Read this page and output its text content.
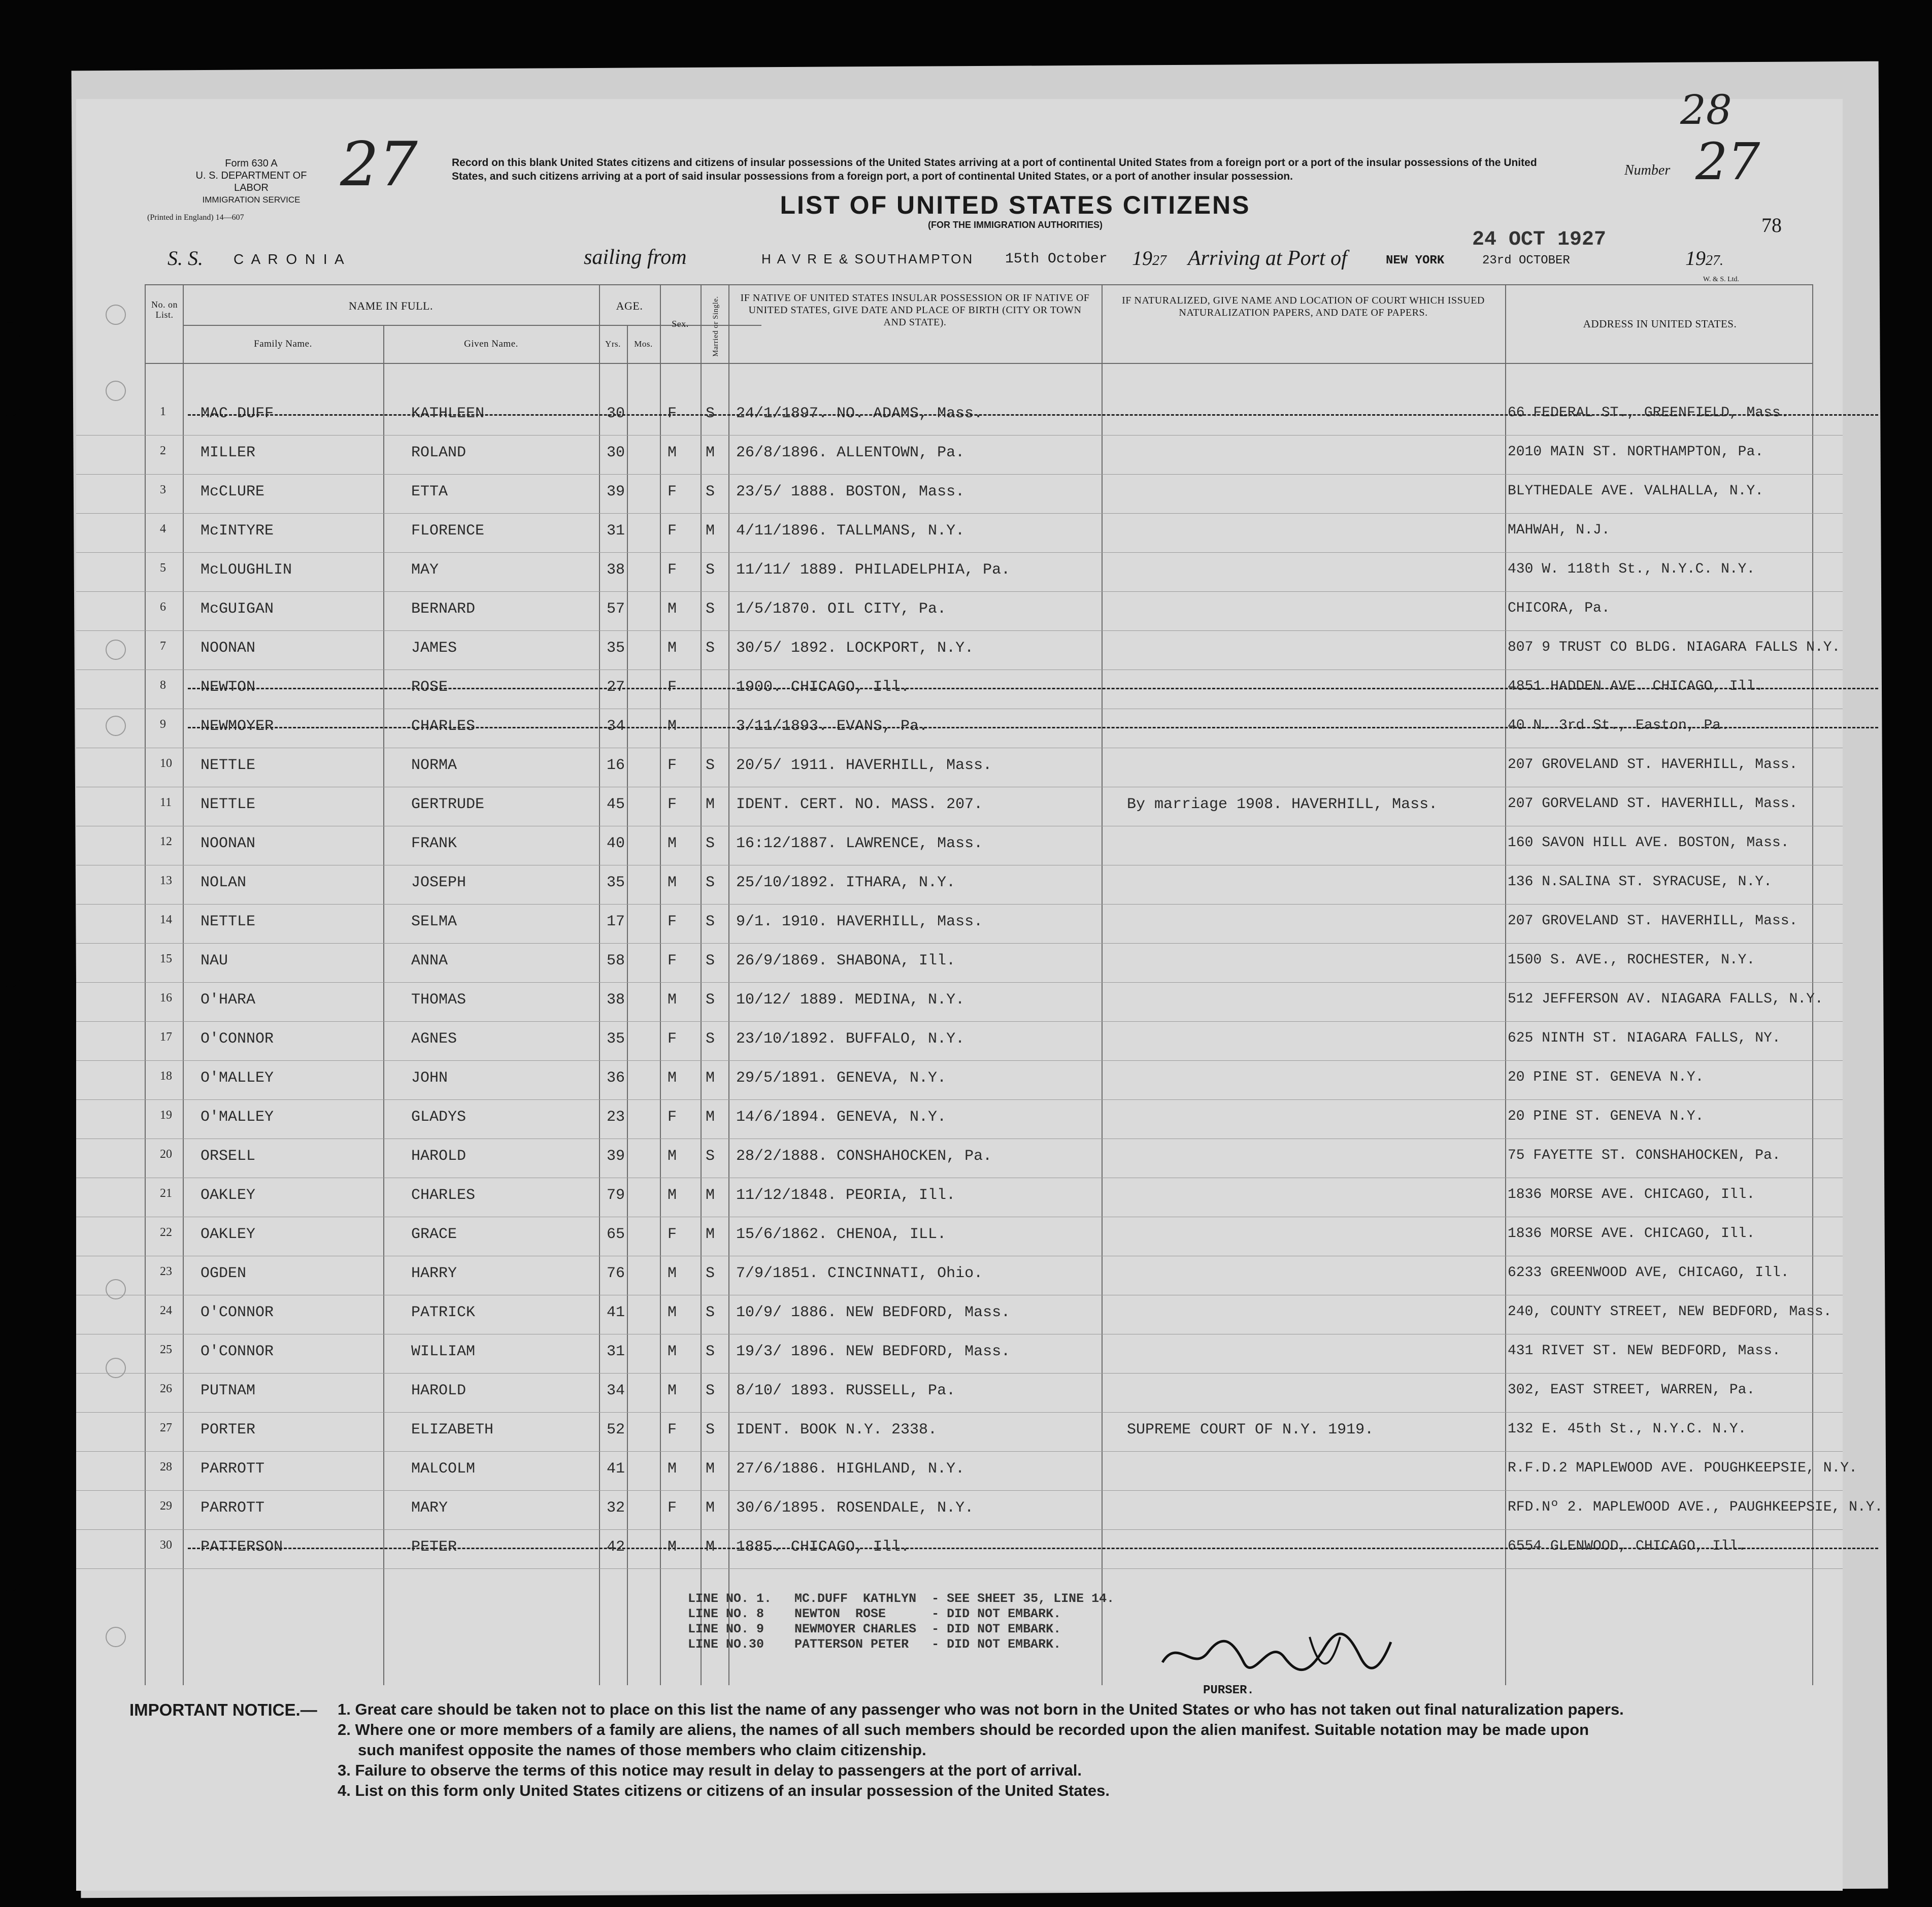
Form 630 A
U. S. DEPARTMENT OF LABOR
IMMIGRATION SERVICE 27
(Printed in England) 14—607
Record on this blank United States citizens and citizens of insular possessions of the United States arriving at a port of continental United States from a foreign port or a port of the insular possessions of the United States, and such citizens arriving at a port of said insular possessions from a foreign port, a port of continental United States, or a port of another insular possession.
LIST OF UNITED STATES CITIZENS
(FOR THE IMMIGRATION AUTHORITIES)
Number 27
28
24 OCT 1927
78
S. S. C A R O N I A	sailing from	H A V R E & SOUTHAMPTON 15th October 1927 Arriving at Port of	NEW YORK	23rd OCTOBER	1927.
W. & S. Ltd.
No. on List.
NAME IN FULL.
Family Name.	Given Name.
AGE.
Yrs.	Mos.
Sex.	Married or Single.	IF NATIVE OF UNITED STATES INSULAR POSSESSION OR IF NATIVE OF UNITED STATES, GIVE DATE AND PLACE OF BIRTH (CITY OR TOWN AND STATE).
IF NATURALIZED, GIVE NAME AND LOCATION OF COURT WHICH ISSUED NATURALIZATION PAPERS, AND DATE OF PAPERS.
ADDRESS IN UNITED STATES.
1 MAC DUFF	KATHLEEN	30	F S 24/1/1897. NO. ADAMS, Mass.	66 FEDERAL ST., GREENFIELD, Mass.
2 MILLER	ROLAND	30	M M 26/8/1896. ALLENTOWN, Pa.	2010 MAIN ST. NORTHAMPTON, Pa.
3 McCLURE	ETTA	39	F S 23/5/ 1888. BOSTON, Mass.	BLYTHEDALE AVE. VALHALLA, N.Y.
4 McINTYRE	FLORENCE	31	F M 4/11/1896. TALLMANS, N.Y.	MAHWAH, N.J.
5 McLOUGHLIN	MAY	38	F S 11/11/ 1889. PHILADELPHIA, Pa.	430 W. 118th St., N.Y.C. N.Y.
6 McGUIGAN	BERNARD	57	M S 1/5/1870. OIL CITY, Pa.	CHICORA, Pa.
7 NOONAN	JAMES	35	M S 30/5/ 1892. LOCKPORT, N.Y.	807 9 TRUST CO BLDG. NIAGARA FALLS N.Y.
8 NEWTON	ROSE	27	F	1900. CHICAGO, Ill.	4851 HADDEN AVE. CHICAGO, Ill.
9 NEWMOYER	CHARLES	34	M	3/11/1893. EVANS, Pa.	40 N. 3rd St., Easton, Pa.
10 NETTLE	NORMA	16	F S 20/5/ 1911. HAVERHILL, Mass.	207 GROVELAND ST. HAVERHILL, Mass.
11 NETTLE	GERTRUDE	45	F M IDENT. CERT. NO. MASS. 207.	By marriage 1908. HAVERHILL, Mass.	207 GORVELAND ST. HAVERHILL, Mass.
12 NOONAN	FRANK	40	M S 16:12/1887. LAWRENCE, Mass.	160 SAVON HILL AVE. BOSTON, Mass.
13 NOLAN	JOSEPH	35	M S 25/10/1892. ITHARA, N.Y.	136 N.SALINA ST. SYRACUSE, N.Y.
14 NETTLE	SELMA	17	F S 9/1. 1910. HAVERHILL, Mass.	207 GROVELAND ST. HAVERHILL, Mass.
15 NAU	ANNA	58	F S 26/9/1869. SHABONA, Ill.	1500 S. AVE., ROCHESTER, N.Y.
16 O'HARA	THOMAS	38	M S 10/12/ 1889. MEDINA, N.Y.	512 JEFFERSON AV. NIAGARA FALLS, N.Y.
17 O'CONNOR	AGNES	35	F S 23/10/1892. BUFFALO, N.Y.	625 NINTH ST. NIAGARA FALLS, NY.
18 O'MALLEY	JOHN	36	M M 29/5/1891. GENEVA, N.Y.	20 PINE ST. GENEVA N.Y.
19 O'MALLEY	GLADYS	23	F M 14/6/1894. GENEVA, N.Y.	20 PINE ST. GENEVA N.Y.
20 ORSELL	HAROLD	39	M S 28/2/1888. CONSHAHOCKEN, Pa.	75 FAYETTE ST. CONSHAHOCKEN, Pa.
21 OAKLEY	CHARLES	79	M M 11/12/1848. PEORIA, Ill.	1836 MORSE AVE. CHICAGO, Ill.
22 OAKLEY	GRACE	65	F M 15/6/1862. CHENOA, ILL.	1836 MORSE AVE. CHICAGO, Ill.
23 OGDEN	HARRY	76	M S 7/9/1851. CINCINNATI, Ohio.	6233 GREENWOOD AVE, CHICAGO, Ill.
24 O'CONNOR	PATRICK	41	M S 10/9/ 1886. NEW BEDFORD, Mass.	240, COUNTY STREET, NEW BEDFORD, Mass.
25 O'CONNOR	WILLIAM	31	M S 19/3/ 1896. NEW BEDFORD, Mass.	431 RIVET ST. NEW BEDFORD, Mass.
26 PUTNAM	HAROLD	34	M S 8/10/ 1893. RUSSELL, Pa.	302, EAST STREET, WARREN, Pa.
27 PORTER	ELIZABETH	52	F S IDENT. BOOK N.Y. 2338.	SUPREME COURT OF N.Y. 1919.	132 E. 45th St., N.Y.C. N.Y.
28 PARROTT	MALCOLM	41	M M 27/6/1886. HIGHLAND, N.Y.	R.F.D.2 MAPLEWOOD AVE. POUGHKEEPSIE, N.Y.
29 PARROTT	MARY	32	F M 30/6/1895. ROSENDALE, N.Y.	RFD.Nº 2. MAPLEWOOD AVE., PAUGHKEEPSIE, N.Y.
30 PATTERSON	PETER	42	M M 1885. CHICAGO, Ill.	6554 GLENWOOD, CHICAGO, Ill.
LINE NO. 1.   MC.DUFF  KATHLYN  - SEE SHEET 35, LINE 14.
LINE NO. 8    NEWTON  ROSE      - DID NOT EMBARK.
LINE NO. 9    NEWMOYER CHARLES  - DID NOT EMBARK.
LINE NO.30    PATTERSON PETER   - DID NOT EMBARK.
PURSER.
IMPORTANT NOTICE.— 1. Great care should be taken not to place on this list the name of any passenger who was not born in the United States or who has not taken out final naturalization papers.
2. Where one or more members of a family are aliens, the names of all such members should be recorded upon the alien manifest. Suitable notation may be made upon
such manifest opposite the names of those members who claim citizenship.
3. Failure to observe the terms of this notice may result in delay to passengers at the port of arrival.
4. List on this form only United States citizens or citizens of an insular possession of the United States.
